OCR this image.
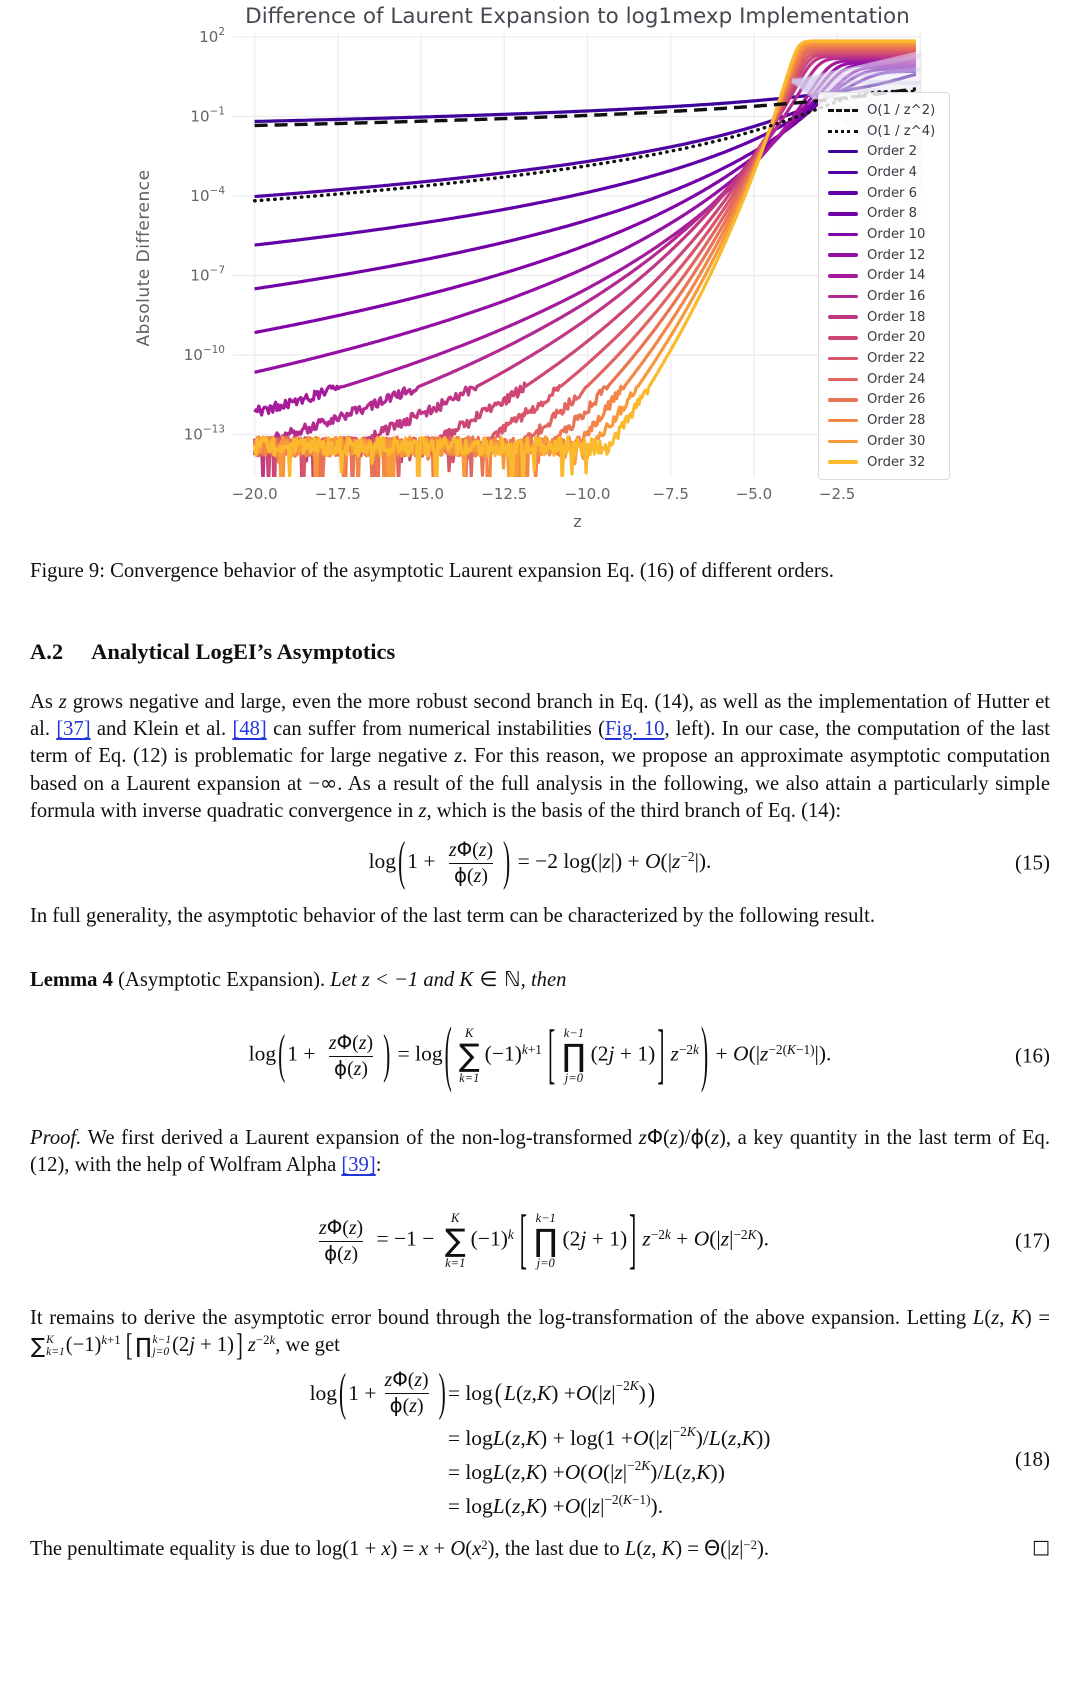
Difference of Laurent Expansion to log1mexp Implementation
Absolute Difference
−20.0 −17.5 −15.0 −12.5 −10.0	−7.5	−5.0	−2.5
$10^2$
$10^{-1}$
$10^{-4}$
$10^{-7}$
$10^{-10}$
$10^{-13}$
z
O(1 / z^2)
O(1 / z^4)
Order 2
Order 4
Order 6
Order 8
Order 10
Order 12
Order 14
Order 16
Order 18
Order 20
Order 22
Order 24
Order 26
Order 28
Order 30
Order 32

Figure 9: Convergence behavior of the asymptotic Laurent expansion Eq. (16) of different orders.

A.2 Analytical LogEI’s Asymptotics

As z grows negative and large, even the more robust second branch in Eq. (14), as well as the implementation of Hutter et al. [37] and Klein et al. [48] can suffer from numerical instabilities (Fig. 10, left). In our case, the computation of the last term of Eq. (12) is problematic for large negative z. For this reason, we propose an approximate asymptotic computation based on a Laurent expansion at −∞. As a result of the full analysis in the following, we also attain a particularly simple formula with inverse quadratic convergence in z, which is the basis of the third branch of Eq. (14):

$\log(1 + \frac{z\Phi(z)}{\phi(z)}$ ) = −2 $\log(|z|) + O(|z^{-2}|)$.	(15)

In full generality, the asymptotic behavior of the last term can be characterized by the following result.

Lemma 4 (Asymptotic Expansion). Let z < −1 and K ∈ ℕ, then

$\log(1 + \frac{z\Phi(z)}{\phi(z)}$ ) = log( K
∑
k=1
$(-1)^{k+1}$ [ k−1
∏
j=0
(2j + 1)] $z^{-2k}) + O(|z^{-2(K-1)}|)$.	(16)

Proof. We first derived a Laurent expansion of the non-log-transformed zΦ(z)/ϕ(z), a key quantity in the last term of Eq. (12), with the help of Wolfram Alpha [39]:

$\frac{z\Phi(z)}{\phi(z)} = -1$ −
K
∑
k=1
$(-1)^k$ [ k−1
∏
j=0
(2j + 1)] $z^{-2k} + O(|z|^{-2K})$.	(17)

It remains to derive the asymptotic error bound through the log-transformation of the above expansion. Letting L(z, K) =
∑ K
k=1 $(-1)^{k+1}$ [ ∏ k−1
j=0 (2j + 1)] $z^{-2k}$, we get

log ( $1 + \frac{z\Phi(z)}{\phi(z)}$ ) = log ( L ( z , K ) + O (| z | −2K ) )
= log L ( z , K ) + log(1 + O (| z | −2K )/ L ( z , K ))
= log L ( z , K ) + O ( O (| z | −2K )/ L ( z , K ))
= log L ( z , K ) + O (| z | −2(K−1) ).
(18)

The penultimate equality is due to $\log(1 + x) = x + O(x^2)$, the last due to L(z, $K) = \Theta(|z|^{-2})$.	□
